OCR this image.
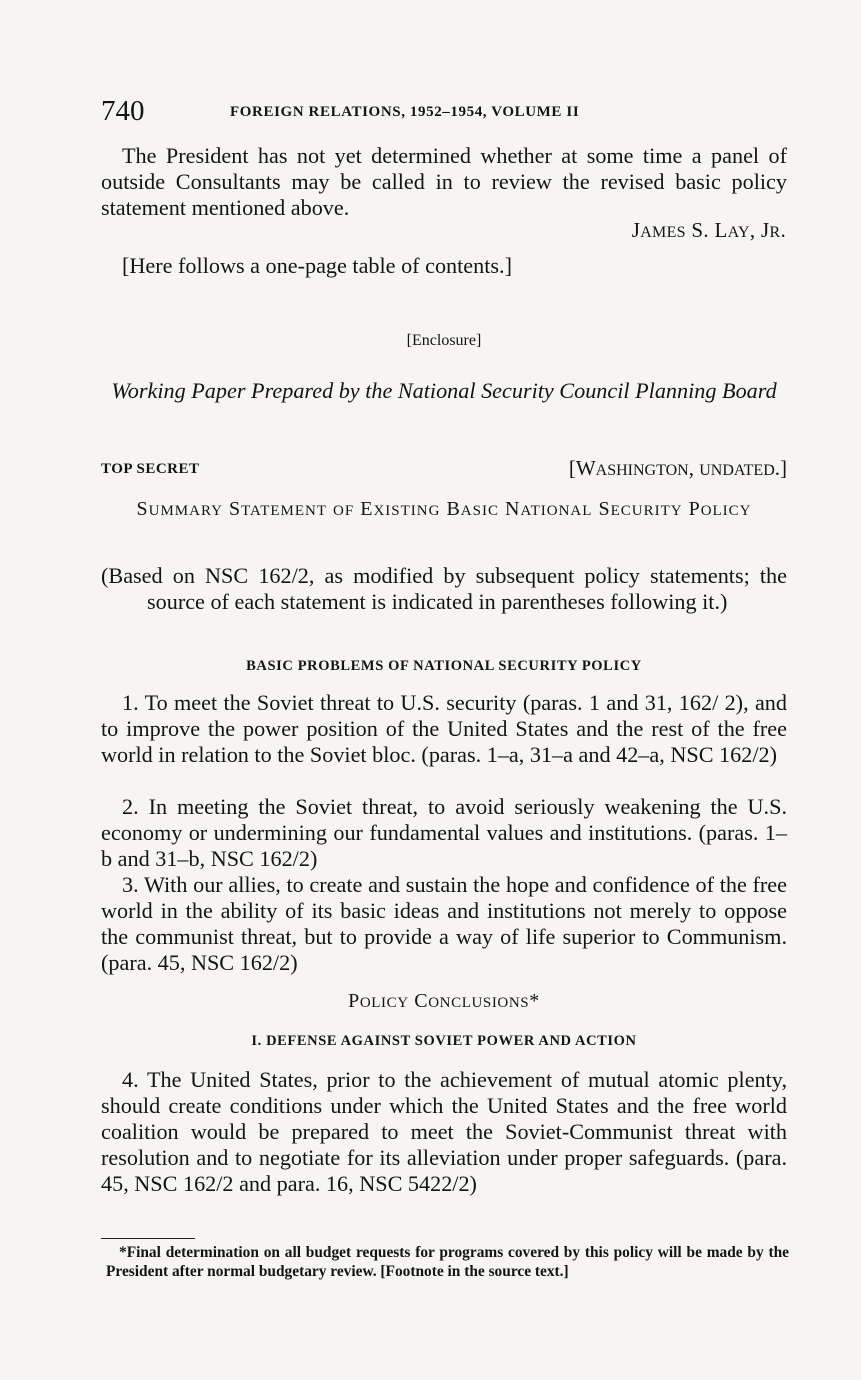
740	FOREIGN RELATIONS, 1952–1954, VOLUME II
The President has not yet determined whether at some time a panel of outside Consultants may be called in to review the revised basic policy statement mentioned above.
JAMES S. LAY, JR.
[Here follows a one-page table of contents.]
[Enclosure]
Working Paper Prepared by the National Security Council Planning Board
TOP SECRET	[WASHINGTON, UNDATED.]
SUMMARY STATEMENT OF EXISTING BASIC NATIONAL SECURITY POLICY
(Based on NSC 162/2, as modified by subsequent policy statements; the source of each statement is indicated in parentheses following it.)
BASIC PROBLEMS OF NATIONAL SECURITY POLICY
1. To meet the Soviet threat to U.S. security (paras. 1 and 31, 162/ 2), and to improve the power position of the United States and the rest of the free world in relation to the Soviet bloc. (paras. 1–a, 31–a and 42–a, NSC 162/2)
2. In meeting the Soviet threat, to avoid seriously weakening the U.S. economy or undermining our fundamental values and institutions. (paras. 1–b and 31–b, NSC 162/2)
3. With our allies, to create and sustain the hope and confidence of the free world in the ability of its basic ideas and institutions not merely to oppose the communist threat, but to provide a way of life superior to Communism. (para. 45, NSC 162/2)
POLICY CONCLUSIONS*
I. DEFENSE AGAINST SOVIET POWER AND ACTION
4. The United States, prior to the achievement of mutual atomic plenty, should create conditions under which the United States and the free world coalition would be prepared to meet the Soviet-Communist threat with resolution and to negotiate for its alleviation under proper safeguards. (para. 45, NSC 162/2 and para. 16, NSC 5422/2)
*Final determination on all budget requests for programs covered by this policy will be made by the President after normal budgetary review. [Footnote in the source text.]
